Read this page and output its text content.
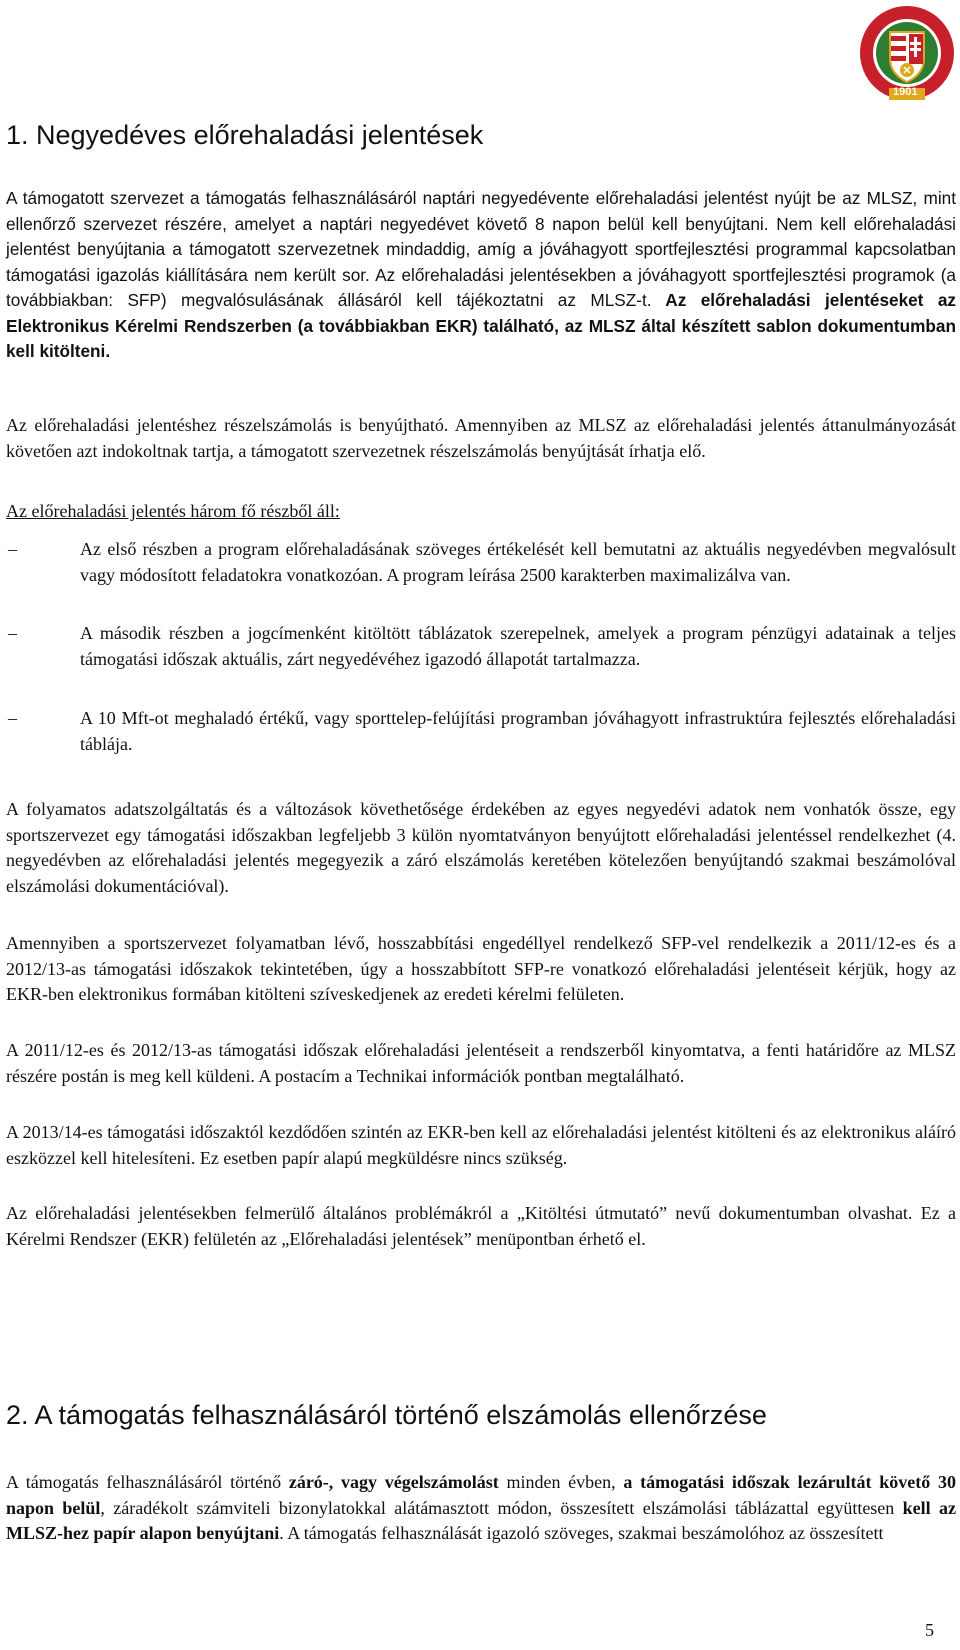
1901
1. Negyedéves előrehaladási jelentések

A támogatott szervezet a támogatás felhasználásáról naptári negyedévente előrehaladási jelentést nyújt be az MLSZ, mint ellenőrző szervezet részére, amelyet a naptári negyedévet követő 8 napon belül kell benyújtani. Nem kell előrehaladási jelentést benyújtania a támogatott szervezetnek mindaddig, amíg a jóváhagyott sportfejlesztési programmal kapcsolatban támogatási igazolás kiállítására nem került sor. Az előrehaladási jelentésekben a jóváhagyott sportfejlesztési programok (a továbbiakban: SFP) megvalósulásának állásáról kell tájékoztatni az MLSZ-t. Az előrehaladási jelentéseket az Elektronikus Kérelmi Rendszerben (a továbbiakban EKR) található, az MLSZ által készített sablon dokumentumban kell kitölteni.

Az előrehaladási jelentéshez részelszámolás is benyújtható. Amennyiben az MLSZ az előrehaladási jelentés áttanulmányozását követően azt indokoltnak tartja, a támogatott szervezetnek részelszámolás benyújtását írhatja elő.

Az előrehaladási jelentés három fő részből áll:

–	Az első részben a program előrehaladásának szöveges értékelését kell bemutatni az aktuális negyedévben megvalósult vagy módosított feladatokra vonatkozóan. A program leírása 2500 karakterben maximalizálva van.

–	A második részben a jogcímenként kitöltött táblázatok szerepelnek, amelyek a program pénzügyi adatainak a teljes támogatási időszak aktuális, zárt negyedévéhez igazodó állapotát tartalmazza.

–	A 10 Mft-ot meghaladó értékű, vagy sporttelep-felújítási programban jóváhagyott infrastruktúra fejlesztés előrehaladási táblája.

A folyamatos adatszolgáltatás és a változások követhetősége érdekében az egyes negyedévi adatok nem vonhatók össze, egy sportszervezet egy támogatási időszakban legfeljebb 3 külön nyomtatványon benyújtott előrehaladási jelentéssel rendelkezhet (4. negyedévben az előrehaladási jelentés megegyezik a záró elszámolás keretében kötelezően benyújtandó szakmai beszámolóval elszámolási dokumentációval).

Amennyiben a sportszervezet folyamatban lévő, hosszabbítási engedéllyel rendelkező SFP-vel rendelkezik a 2011/12-es és a 2012/13-as támogatási időszakok tekintetében, úgy a hosszabbított SFP-re vonatkozó előrehaladási jelentéseit kérjük, hogy az EKR-ben elektronikus formában kitölteni szíveskedjenek az eredeti kérelmi felületen.

A 2011/12-es és 2012/13-as támogatási időszak előrehaladási jelentéseit a rendszerből kinyomtatva, a fenti határidőre az MLSZ részére postán is meg kell küldeni. A postacím a Technikai információk pontban megtalálható.

A 2013/14-es támogatási időszaktól kezdődően szintén az EKR-ben kell az előrehaladási jelentést kitölteni és az elektronikus aláíró eszközzel kell hitelesíteni. Ez esetben papír alapú megküldésre nincs szükség.

Az előrehaladási jelentésekben felmerülő általános problémákról a „Kitöltési útmutató” nevű dokumentumban olvashat. Ez a Kérelmi Rendszer (EKR) felületén az „Előrehaladási jelentések” menüpontban érhető el.

2. A támogatás felhasználásáról történő elszámolás ellenőrzése

A támogatás felhasználásáról történő záró-, vagy végelszámolást minden évben, a támogatási időszak lezárultát követő 30 napon belül, záradékolt számviteli bizonylatokkal alátámasztott módon, összesített elszámolási táblázattal együttesen kell az MLSZ-hez papír alapon benyújtani. A támogatás felhasználását igazoló szöveges, szakmai beszámolóhoz az összesített

5
